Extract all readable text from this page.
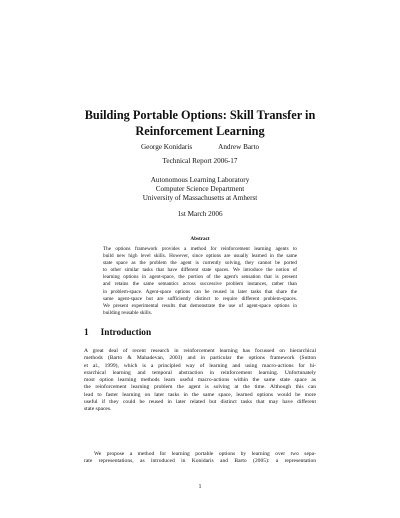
Building Portable Options: Skill Transfer in
Reinforcement Learning
George Konidaris	Andrew Barto
Technical Report 2006-17
Autonomous Learning Laboratory
Computer Science Department
University of Massachusetts at Amherst
1st March 2006
Abstract
The options framework provides a method for reinforcement learning agents to
build new high level skills. However, since options are usually learned in the same
state space as the problem the agent is currently solving, they cannot be ported
to other similar tasks that have different state spaces. We introduce the notion of
learning options in agent-space, the portion of the agent's sensation that is present
and retains the same semantics across successive problem instances, rather than
in problem-space. Agent-space options can be reused in later tasks that share the
same agent-space but are sufficiently distinct to require different problem-spaces.
We present experimental results that demonstrate the use of agent-space options in
building reusable skills.
1 Introduction
A great deal of recent research in reinforcement learning has focussed on hierarchical
methods (Barto & Mahadevan, 2003) and in particular the options framework (Sutton
et al., 1999), which is a principled way of learning and using macro-actions for hi-
erarchical learning and temporal abstraction in reinforcement learning. Unfortunately
most option learning methods learn useful macro-actions within the same state space as
the reinforcement learning problem the agent is solving at the time. Although this can
lead to faster learning on later tasks in the same space, learned options would be more
useful if they could be reused in later related but distinct tasks that may have different
state spaces.
We propose a method for learning portable options by learning over two sepa-
rate representations, as introduced in Konidaris and Barto (2005): a representation
1
